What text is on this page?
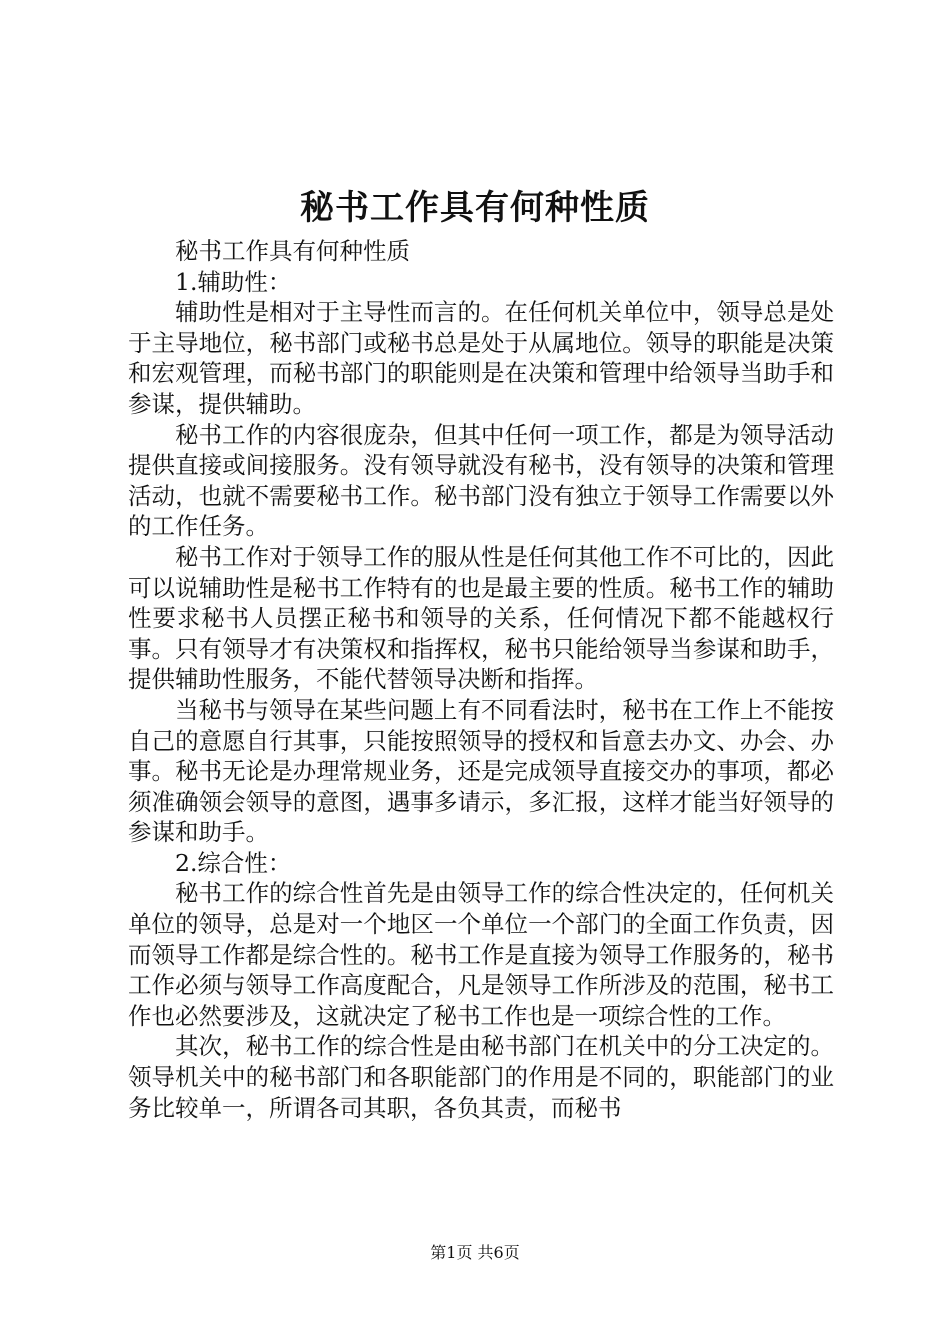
秘书工作具有何种性质

秘书工作具有何种性质

1.辅助性：

辅助性是相对于主导性而言的。在任何机关单位中，领导总是处于主导地位，秘书部门或秘书总是处于从属地位。领导的职能是决策和宏观管理，而秘书部门的职能则是在决策和管理中给领导当助手和参谋，提供辅助。

秘书工作的内容很庞杂，但其中任何一项工作，都是为领导活动提供直接或间接服务。没有领导就没有秘书，没有领导的决策和管理活动，也就不需要秘书工作。秘书部门没有独立于领导工作需要以外的工作任务。

秘书工作对于领导工作的服从性是任何其他工作不可比的，因此可以说辅助性是秘书工作特有的也是最主要的性质。秘书工作的辅助性要求秘书人员摆正秘书和领导的关系，任何情况下都不能越权行事。只有领导才有决策权和指挥权，秘书只能给领导当参谋和助手，提供辅助性服务，不能代替领导决断和指挥。

当秘书与领导在某些问题上有不同看法时，秘书在工作上不能按自己的意愿自行其事，只能按照领导的授权和旨意去办文、办会、办事。秘书无论是办理常规业务，还是完成领导直接交办的事项，都必须准确领会领导的意图，遇事多请示，多汇报，这样才能当好领导的参谋和助手。

2.综合性：

秘书工作的综合性首先是由领导工作的综合性决定的，任何机关单位的领导，总是对一个地区一个单位一个部门的全面工作负责，因而领导工作都是综合性的。秘书工作是直接为领导工作服务的，秘书工作必须与领导工作高度配合，凡是领导工作所涉及的范围，秘书工作也必然要涉及，这就决定了秘书工作也是一项综合性的工作。

其次，秘书工作的综合性是由秘书部门在机关中的分工决定的。领导机关中的秘书部门和各职能部门的作用是不同的，职能部门的业务比较单一，所谓各司其职，各负其责，而秘书

第1页 共6页
